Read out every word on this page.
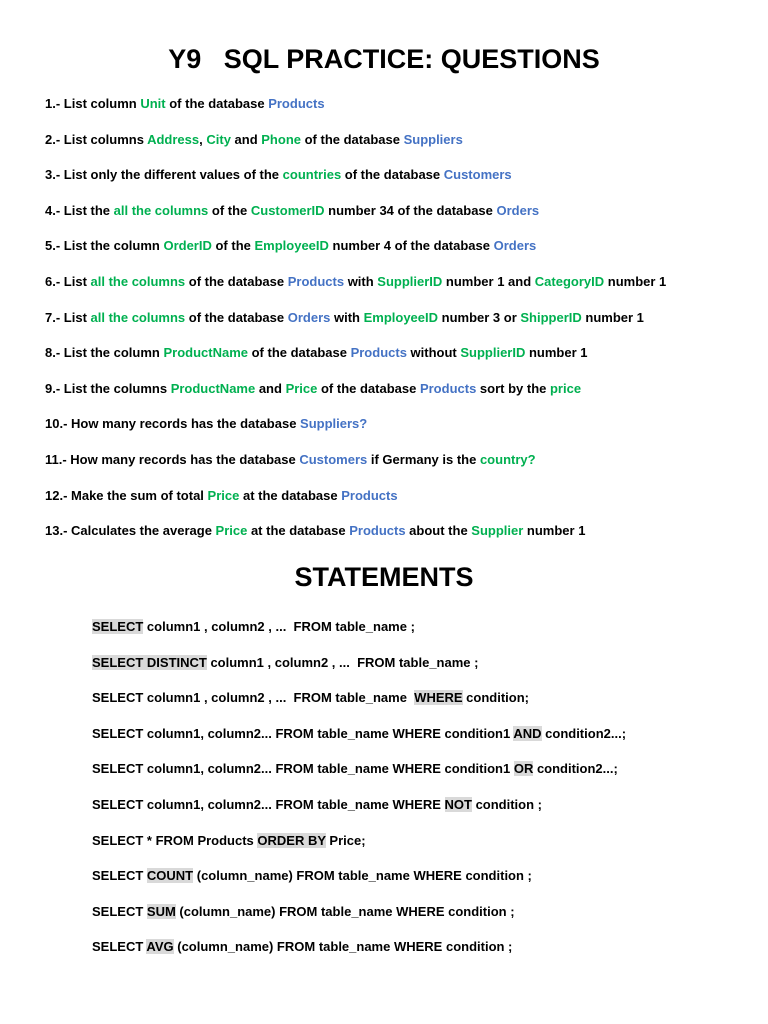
Y9   SQL PRACTICE: QUESTIONS

1.- List column Unit of the database Products

2.- List columns Address, City and Phone of the database Suppliers

3.- List only the different values of the countries of the database Customers

4.- List the all the columns of the CustomerID number 34 of the database Orders

5.- List the column OrderID of the EmployeeID number 4 of the database Orders

6.- List all the columns of the database Products with SupplierID number 1 and CategoryID number 1

7.- List all the columns of the database Orders with EmployeeID number 3 or ShipperID number 1

8.- List the column ProductName of the database Products without SupplierID number 1

9.- List the columns ProductName and Price of the database Products sort by the price

10.- How many records has the database Suppliers?

11.- How many records has the database Customers if Germany is the country?

12.- Make the sum of total Price at the database Products

13.- Calculates the average Price at the database Products about the Supplier number 1

STATEMENTS

SELECT column1 , column2 , ...  FROM table_name ;

SELECT DISTINCT column1 , column2 , ...  FROM table_name ;

SELECT column1 , column2 , ...  FROM table_name  WHERE condition;

SELECT column1, column2... FROM table_name WHERE condition1 AND condition2...;

SELECT column1, column2... FROM table_name WHERE condition1 OR condition2...;

SELECT column1, column2... FROM table_name WHERE NOT condition ;

SELECT * FROM Products ORDER BY Price;

SELECT COUNT (column_name) FROM table_name WHERE condition ;

SELECT SUM (column_name) FROM table_name WHERE condition ;

SELECT AVG (column_name) FROM table_name WHERE condition ;
